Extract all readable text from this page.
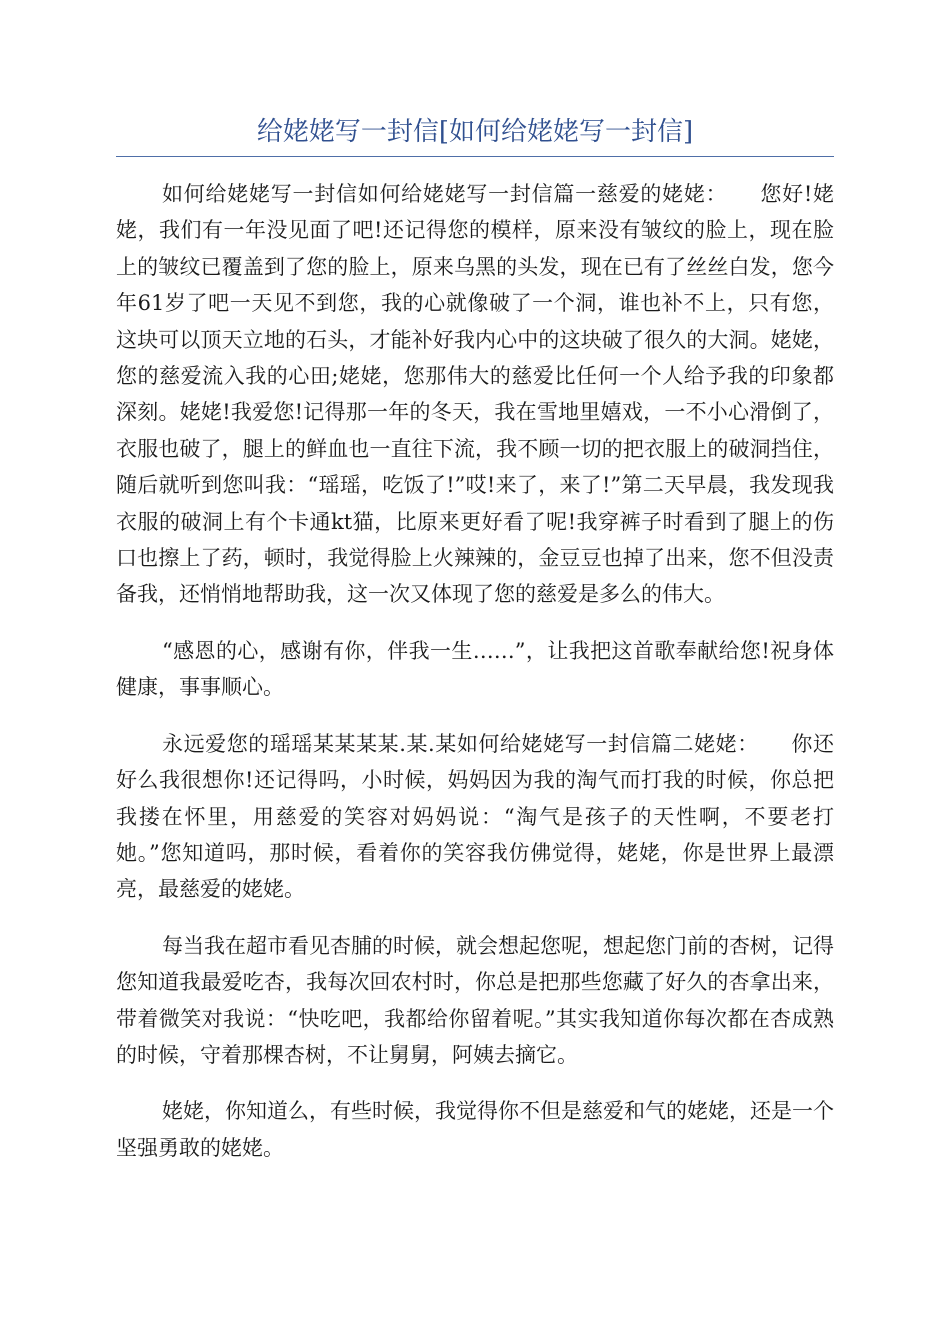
给姥姥写一封信[如何给姥姥写一封信]

如何给姥姥写一封信如何给姥姥写一封信篇一慈爱的姥姥：　　您好!姥姥，我们有一年没见面了吧!还记得您的模样，原来没有皱纹的脸上，现在脸上的皱纹已覆盖到了您的脸上，原来乌黑的头发，现在已有了丝丝白发，您今年61岁了吧一天见不到您，我的心就像破了一个洞，谁也补不上，只有您，这块可以顶天立地的石头，才能补好我内心中的这块破了很久的大洞。姥姥，您的慈爱流入我的心田;姥姥，您那伟大的慈爱比任何一个人给予我的印象都深刻。姥姥!我爱您!记得那一年的冬天，我在雪地里嬉戏，一不小心滑倒了，衣服也破了，腿上的鲜血也一直往下流，我不顾一切的把衣服上的破洞挡住，随后就听到您叫我：“瑶瑶，吃饭了!”哎!来了，来了!”第二天早晨，我发现我衣服的破洞上有个卡通kt猫，比原来更好看了呢!我穿裤子时看到了腿上的伤口也擦上了药，顿时，我觉得脸上火辣辣的，金豆豆也掉了出来，您不但没责备我，还悄悄地帮助我，这一次又体现了您的慈爱是多么的伟大。

“感恩的心，感谢有你，伴我一生……”，让我把这首歌奉献给您!祝身体健康，事事顺心。

永远爱您的瑶瑶某某某某.某.某如何给姥姥写一封信篇二姥姥：　　你还好么我很想你!还记得吗，小时候，妈妈因为我的淘气而打我的时候，你总把我搂在怀里，用慈爱的笑容对妈妈说：“淘气是孩子的天性啊，不要老打她。”您知道吗，那时候，看着你的笑容我仿佛觉得，姥姥，你是世界上最漂亮，最慈爱的姥姥。

每当我在超市看见杏脯的时候，就会想起您呢，想起您门前的杏树，记得您知道我最爱吃杏，我每次回农村时，你总是把那些您藏了好久的杏拿出来，带着微笑对我说：“快吃吧，我都给你留着呢。”其实我知道你每次都在杏成熟的时候，守着那棵杏树，不让舅舅，阿姨去摘它。

姥姥，你知道么，有些时候，我觉得你不但是慈爱和气的姥姥，还是一个坚强勇敢的姥姥。
